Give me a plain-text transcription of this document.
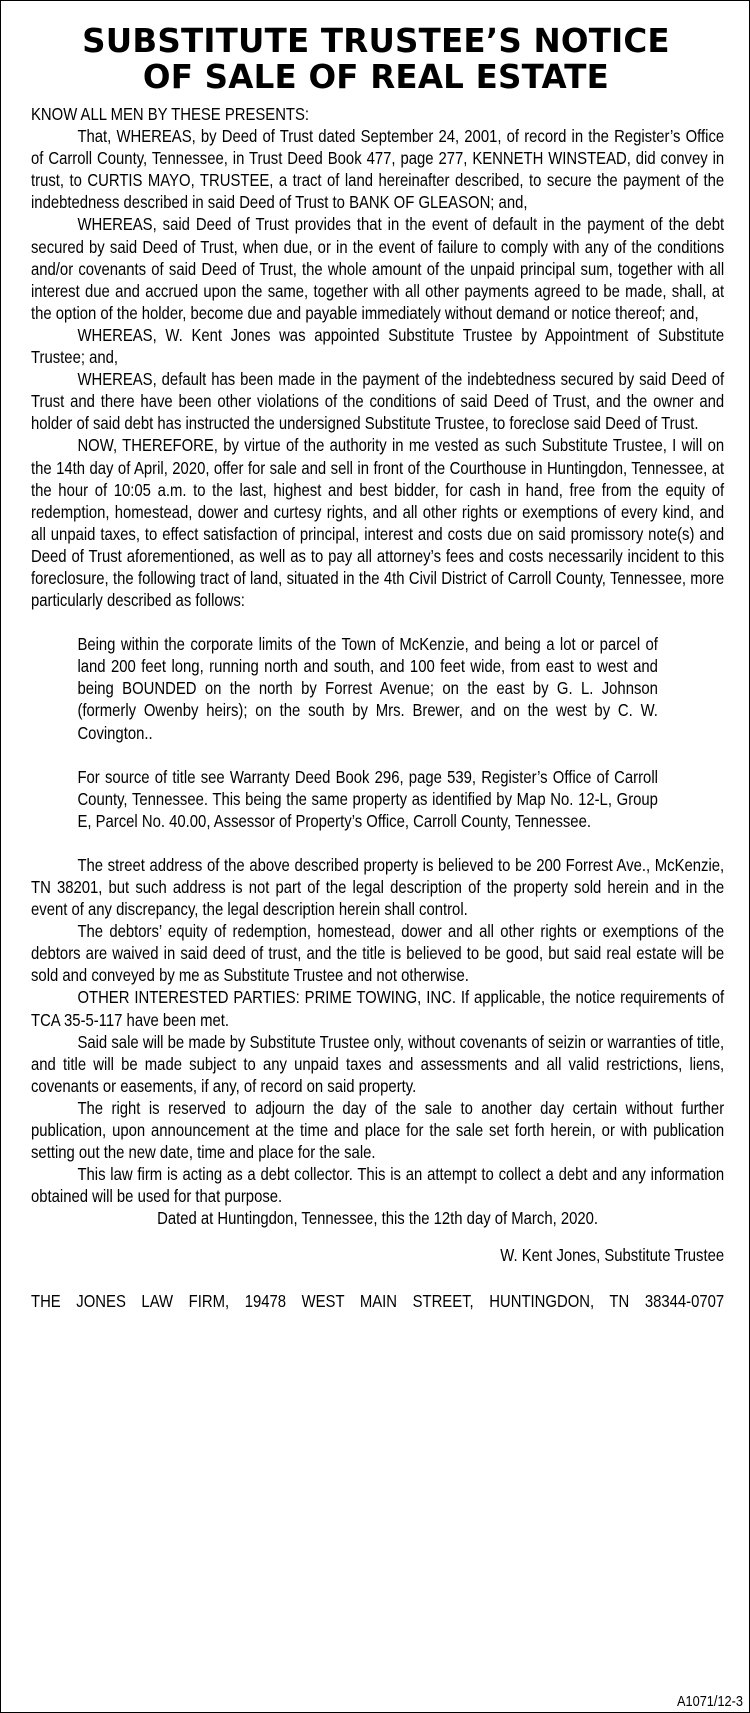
SUBSTITUTE TRUSTEE’S NOTICE
OF SALE OF REAL ESTATE

KNOW ALL MEN BY THESE PRESENTS:

That, WHEREAS, by Deed of Trust dated September 24, 2001, of record in the Register’s Office of Carroll County, Tennessee, in Trust Deed Book 477, page 277, KENNETH WINSTEAD, did convey in trust, to CURTIS MAYO, TRUSTEE, a tract of land hereinafter described, to secure the payment of the indebtedness described in said Deed of Trust to BANK OF GLEASON; and,

WHEREAS, said Deed of Trust provides that in the event of default in the payment of the debt secured by said Deed of Trust, when due, or in the event of failure to comply with any of the conditions and/or covenants of said Deed of Trust, the whole amount of the unpaid principal sum, together with all interest due and accrued upon the same, together with all other payments agreed to be made, shall, at the option of the holder, become due and payable immediately without demand or notice thereof; and,

WHEREAS, W. Kent Jones was appointed Substitute Trustee by Appointment of Substitute Trustee; and,

WHEREAS, default has been made in the payment of the indebtedness secured by said Deed of Trust and there have been other violations of the conditions of said Deed of Trust, and the owner and holder of said debt has instructed the undersigned Substitute Trustee, to foreclose said Deed of Trust.

NOW, THEREFORE, by virtue of the authority in me vested as such Substitute Trustee, I will on the 14th day of April, 2020, offer for sale and sell in front of the Courthouse in Huntingdon, Tennessee, at the hour of 10:05 a.m. to the last, highest and best bidder, for cash in hand, free from the equity of redemption, homestead, dower and curtesy rights, and all other rights or exemptions of every kind, and all unpaid taxes, to effect satisfaction of principal, interest and costs due on said promissory note(s) and Deed of Trust aforementioned, as well as to pay all attorney’s fees and costs necessarily incident to this foreclosure, the following tract of land, situated in the 4th Civil District of Carroll County, Tennessee, more particularly described as follows:

Being within the corporate limits of the Town of McKenzie, and being a lot or parcel of land 200 feet long, running north and south, and 100 feet wide, from east to west and being BOUNDED on the north by Forrest Avenue; on the east by G. L. Johnson (formerly Owenby heirs); on the south by Mrs. Brewer, and on the west by C. W. Covington..

For source of title see Warranty Deed Book 296, page 539, Register’s Office of Carroll County, Tennessee. This being the same property as identified by Map No. 12-L, Group E, Parcel No. 40.00, Assessor of Property’s Office, Carroll County, Tennessee.

The street address of the above described property is believed to be 200 Forrest Ave., McKenzie, TN 38201, but such address is not part of the legal description of the property sold herein and in the event of any discrepancy, the legal description herein shall control.

The debtors’ equity of redemption, homestead, dower and all other rights or exemptions of the debtors are waived in said deed of trust, and the title is believed to be good, but said real estate will be sold and conveyed by me as Substitute Trustee and not otherwise.

OTHER INTERESTED PARTIES: PRIME TOWING, INC. If applicable, the notice requirements of TCA 35-5-117 have been met.

Said sale will be made by Substitute Trustee only, without covenants of seizin or warranties of title, and title will be made subject to any unpaid taxes and assessments and all valid restrictions, liens, covenants or easements, if any, of record on said property.

The right is reserved to adjourn the day of the sale to another day certain without further publication, upon announcement at the time and place for the sale set forth herein, or with publication setting out the new date, time and place for the sale.

This law firm is acting as a debt collector. This is an attempt to collect a debt and any information obtained will be used for that purpose.

Dated at Huntingdon, Tennessee, this the 12th day of March, 2020.

W. Kent Jones, Substitute Trustee

THE JONES LAW FIRM, 19478 WEST MAIN STREET, HUNTINGDON, TN 38344-0707

A1071/12-3
